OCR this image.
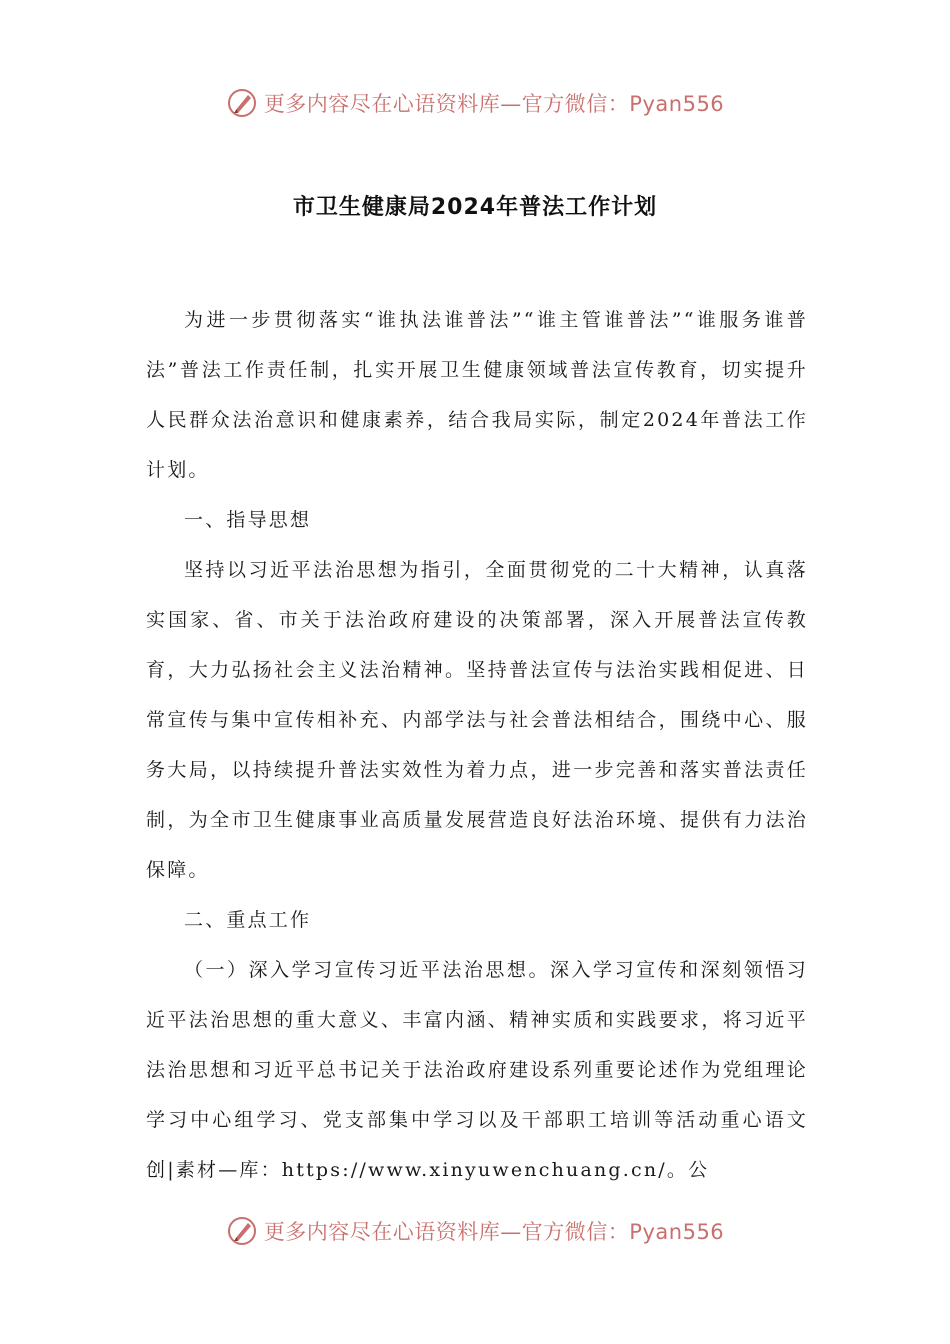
更多内容尽在心语资料库—官方微信：Pyan556
市卫生健康局2024年普法工作计划

为进一步贯彻落实“谁执法谁普法”“谁主管谁普法”“谁服务谁普法”普法工作责任制，扎实开展卫生健康领域普法宣传教育，切实提升人民群众法治意识和健康素养，结合我局实际，制定2024年普法工作计划。

一、指导思想

坚持以习近平法治思想为指引，全面贯彻党的二十大精神，认真落实国家、省、市关于法治政府建设的决策部署，深入开展普法宣传教育，大力弘扬社会主义法治精神。坚持普法宣传与法治实践相促进、日常宣传与集中宣传相补充、内部学法与社会普法相结合，围绕中心、服务大局，以持续提升普法实效性为着力点，进一步完善和落实普法责任制，为全市卫生健康事业高质量发展营造良好法治环境、提供有力法治保障。

二、重点工作

（一）深入学习宣传习近平法治思想。深入学习宣传和深刻领悟习近平法治思想的重大意义、丰富内涵、精神实质和实践要求，将习近平法治思想和习近平总书记关于法治政府建设系列重要论述作为党组理论学习中心组学习、党支部集中学习以及干部职工培训等活动重心语文创|素材—库：https://www.xinyuwenchuang.cn/。公

更多内容尽在心语资料库—官方微信：Pyan556
